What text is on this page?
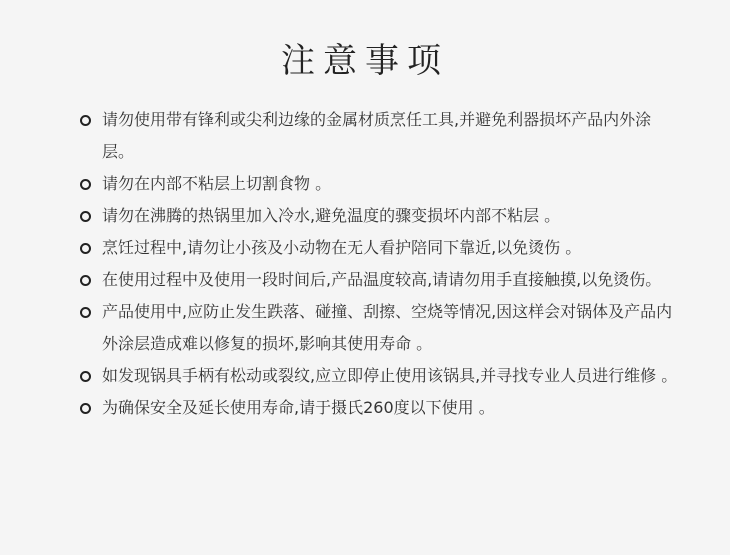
注意事项
请勿使用带有锋利或尖利边缘的金属材质烹任工具,并避免利器损坏产品内外涂层。
请勿在内部不粘层上切割食物 。
请勿在沸腾的热锅里加入冷水,避免温度的骤变损坏内部不粘层 。
烹饪过程中,请勿让小孩及小动物在无人看护陪同下靠近,以免烫伤 。
在使用过程中及使用一段时间后,产品温度较高,请请勿用手直接触摸,以免烫伤。
产品使用中,应防止发生跌落、碰撞、刮擦、空烧等情况,因这样会对锅体及产品内外涂层造成难以修复的损坏,影响其使用寿命 。
如发现锅具手柄有松动或裂纹,应立即停止使用该锅具,并寻找专业人员进行维修 。
为确保安全及延长使用寿命,请于摄氏260度以下使用 。
